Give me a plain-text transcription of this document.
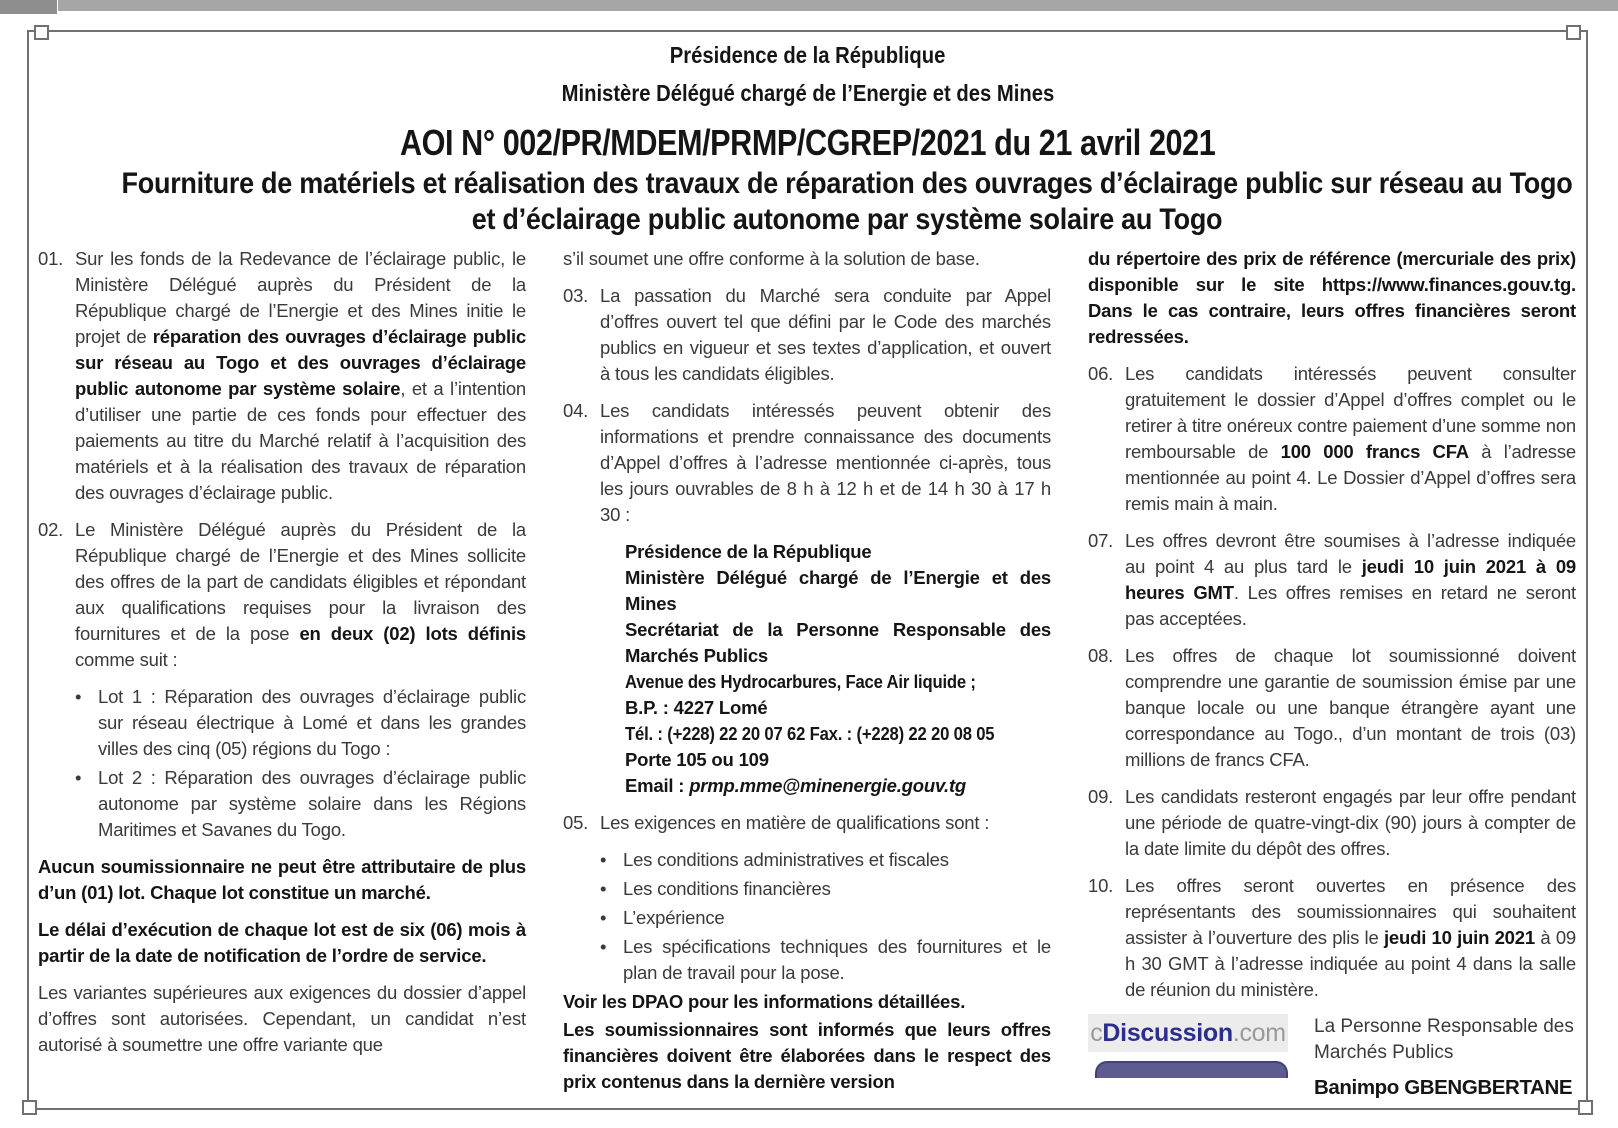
Présidence de la République
Ministère Délégué chargé de l’Energie et des Mines
AOI N° 002/PR/MDEM/PRMP/CGREP/2021 du 21 avril 2021
Fourniture de matériels et réalisation des travaux de réparation des ouvrages d’éclairage public sur réseau au Togo et d’éclairage public autonome par système solaire au Togo
01. Sur les fonds de la Redevance de l’éclairage public, le Ministère Délégué auprès du Président de la République chargé de l’Energie et des Mines initie le projet de réparation des ouvrages d’éclairage public sur réseau au Togo et des ouvrages d’éclairage public autonome par système solaire, et a l’intention d’utiliser une partie de ces fonds pour effectuer des paiements au titre du Marché relatif à l’acquisition des matériels et à la réalisation des travaux de réparation des ouvrages d’éclairage public.
02. Le Ministère Délégué auprès du Président de la République chargé de l’Energie et des Mines sollicite des offres de la part de candidats éligibles et répondant aux qualifications requises pour la livraison des fournitures et de la pose en deux (02) lots définis comme suit :
• Lot 1 : Réparation des ouvrages d’éclairage public sur réseau électrique à Lomé et dans les grandes villes des cinq (05) régions du Togo :
• Lot 2 : Réparation des ouvrages d’éclairage public autonome par système solaire dans les Régions Maritimes et Savanes du Togo.
Aucun soumissionnaire ne peut être attributaire de plus d’un (01) lot. Chaque lot constitue un marché.
Le délai d’exécution de chaque lot est de six (06) mois à partir de la date de notification de l’ordre de service.
Les variantes supérieures aux exigences du dossier d’appel d’offres sont autorisées. Cependant, un candidat n’est autorisé à soumettre une offre variante que
s’il soumet une offre conforme à la solution de base.
03. La passation du Marché sera conduite par Appel d’offres ouvert tel que défini par le Code des marchés publics en vigueur et ses textes d’application, et ouvert à tous les candidats éligibles.
04. Les candidats intéressés peuvent obtenir des informations et prendre connaissance des documents d’Appel d’offres à l’adresse mentionnée ci-après, tous les jours ouvrables de 8 h à 12 h et de 14 h 30 à 17 h 30 :
Présidence de la République
Ministère Délégué chargé de l’Energie et des Mines
Secrétariat de la Personne Responsable des Marchés Publics
Avenue des Hydrocarbures, Face Air liquide ;
B.P. : 4227 Lomé
Tél. : (+228) 22 20 07 62 Fax. : (+228) 22 20 08 05
Porte 105 ou 109
Email : prmp.mme@minenergie.gouv.tg
05. Les exigences en matière de qualifications sont :
• Les conditions administratives et fiscales
• Les conditions financières
• L’expérience
• Les spécifications techniques des fournitures et le plan de travail pour la pose.
Voir les DPAO pour les informations détaillées.
Les soumissionnaires sont informés que leurs offres financières doivent être élaborées dans le respect des prix contenus dans la dernière version
du répertoire des prix de référence (mercuriale des prix) disponible sur le site https://www.finances.gouv.tg. Dans le cas contraire, leurs offres financières seront redressées.
06. Les candidats intéressés peuvent consulter gratuitement le dossier d’Appel d’offres complet ou le retirer à titre onéreux contre paiement d’une somme non remboursable de 100 000 francs CFA à l’adresse mentionnée au point 4. Le Dossier d’Appel d’offres sera remis main à main.
07. Les offres devront être soumises à l’adresse indiquée au point 4 au plus tard le jeudi 10 juin 2021 à 09 heures GMT. Les offres remises en retard ne seront pas acceptées.
08. Les offres de chaque lot soumissionné doivent comprendre une garantie de soumission émise par une banque locale ou une banque étrangère ayant une correspondance au Togo., d’un montant de trois (03) millions de francs CFA.
09. Les candidats resteront engagés par leur offre pendant une période de quatre-vingt-dix (90) jours à compter de la date limite du dépôt des offres.
10. Les offres seront ouvertes en présence des représentants des soumissionnaires qui souhaitent assister à l’ouverture des plis le jeudi 10 juin 2021 à 09 h 30 GMT à l’adresse indiquée au point 4 dans la salle de réunion du ministère.
c Discussion .com La Personne Responsable des Marchés Publics
Banimpo GBENGBERTANE
